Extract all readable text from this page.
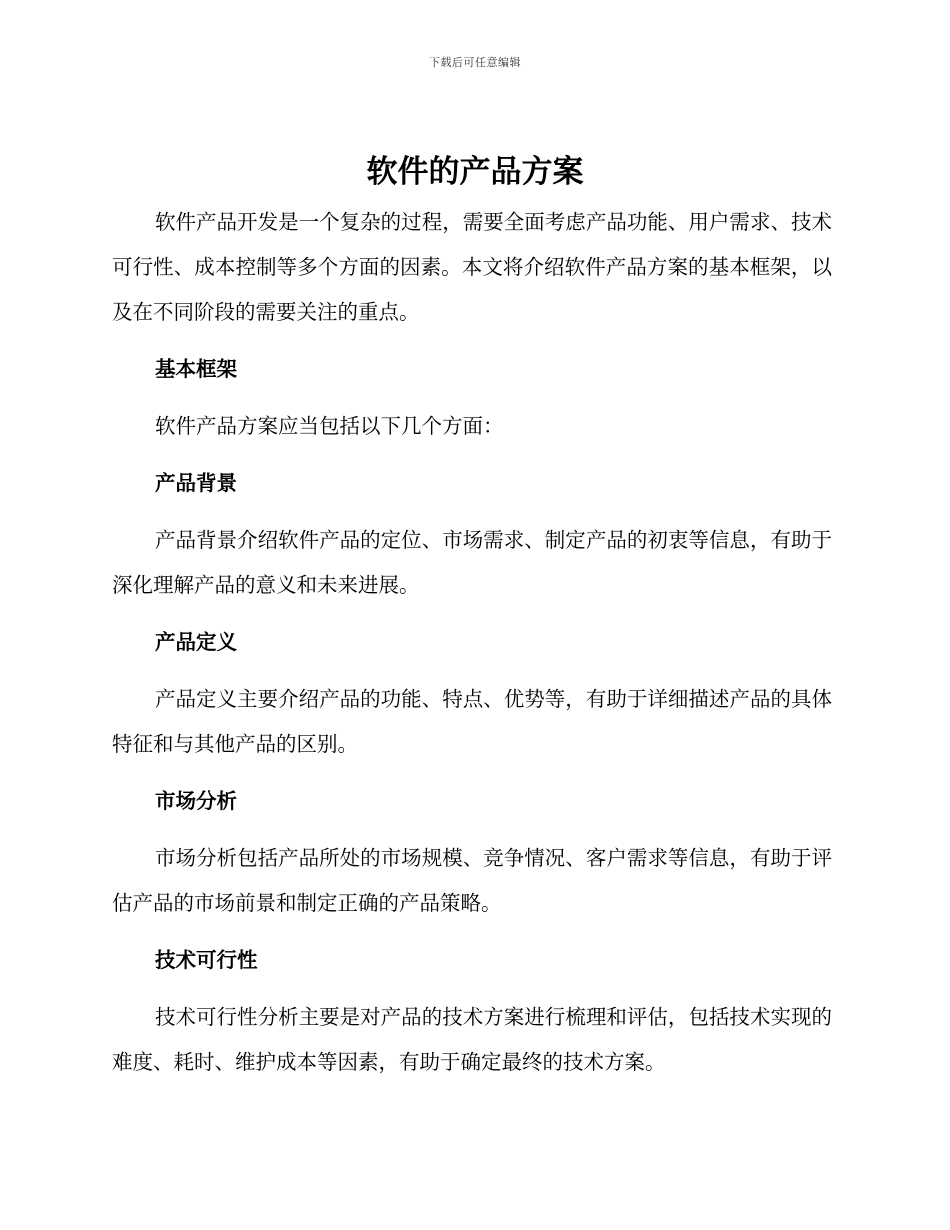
下载后可任意编辑
软件的产品方案

软件产品开发是一个复杂的过程，需要全面考虑产品功能、用户需求、技术可行性、成本控制等多个方面的因素。本文将介绍软件产品方案的基本框架，以及在不同阶段的需要关注的重点。

基本框架

软件产品方案应当包括以下几个方面：

产品背景

产品背景介绍软件产品的定位、市场需求、制定产品的初衷等信息，有助于深化理解产品的意义和未来进展。

产品定义

产品定义主要介绍产品的功能、特点、优势等，有助于详细描述产品的具体特征和与其他产品的区别。

市场分析

市场分析包括产品所处的市场规模、竞争情况、客户需求等信息，有助于评估产品的市场前景和制定正确的产品策略。

技术可行性

技术可行性分析主要是对产品的技术方案进行梳理和评估，包括技术实现的难度、耗时、维护成本等因素，有助于确定最终的技术方案。
